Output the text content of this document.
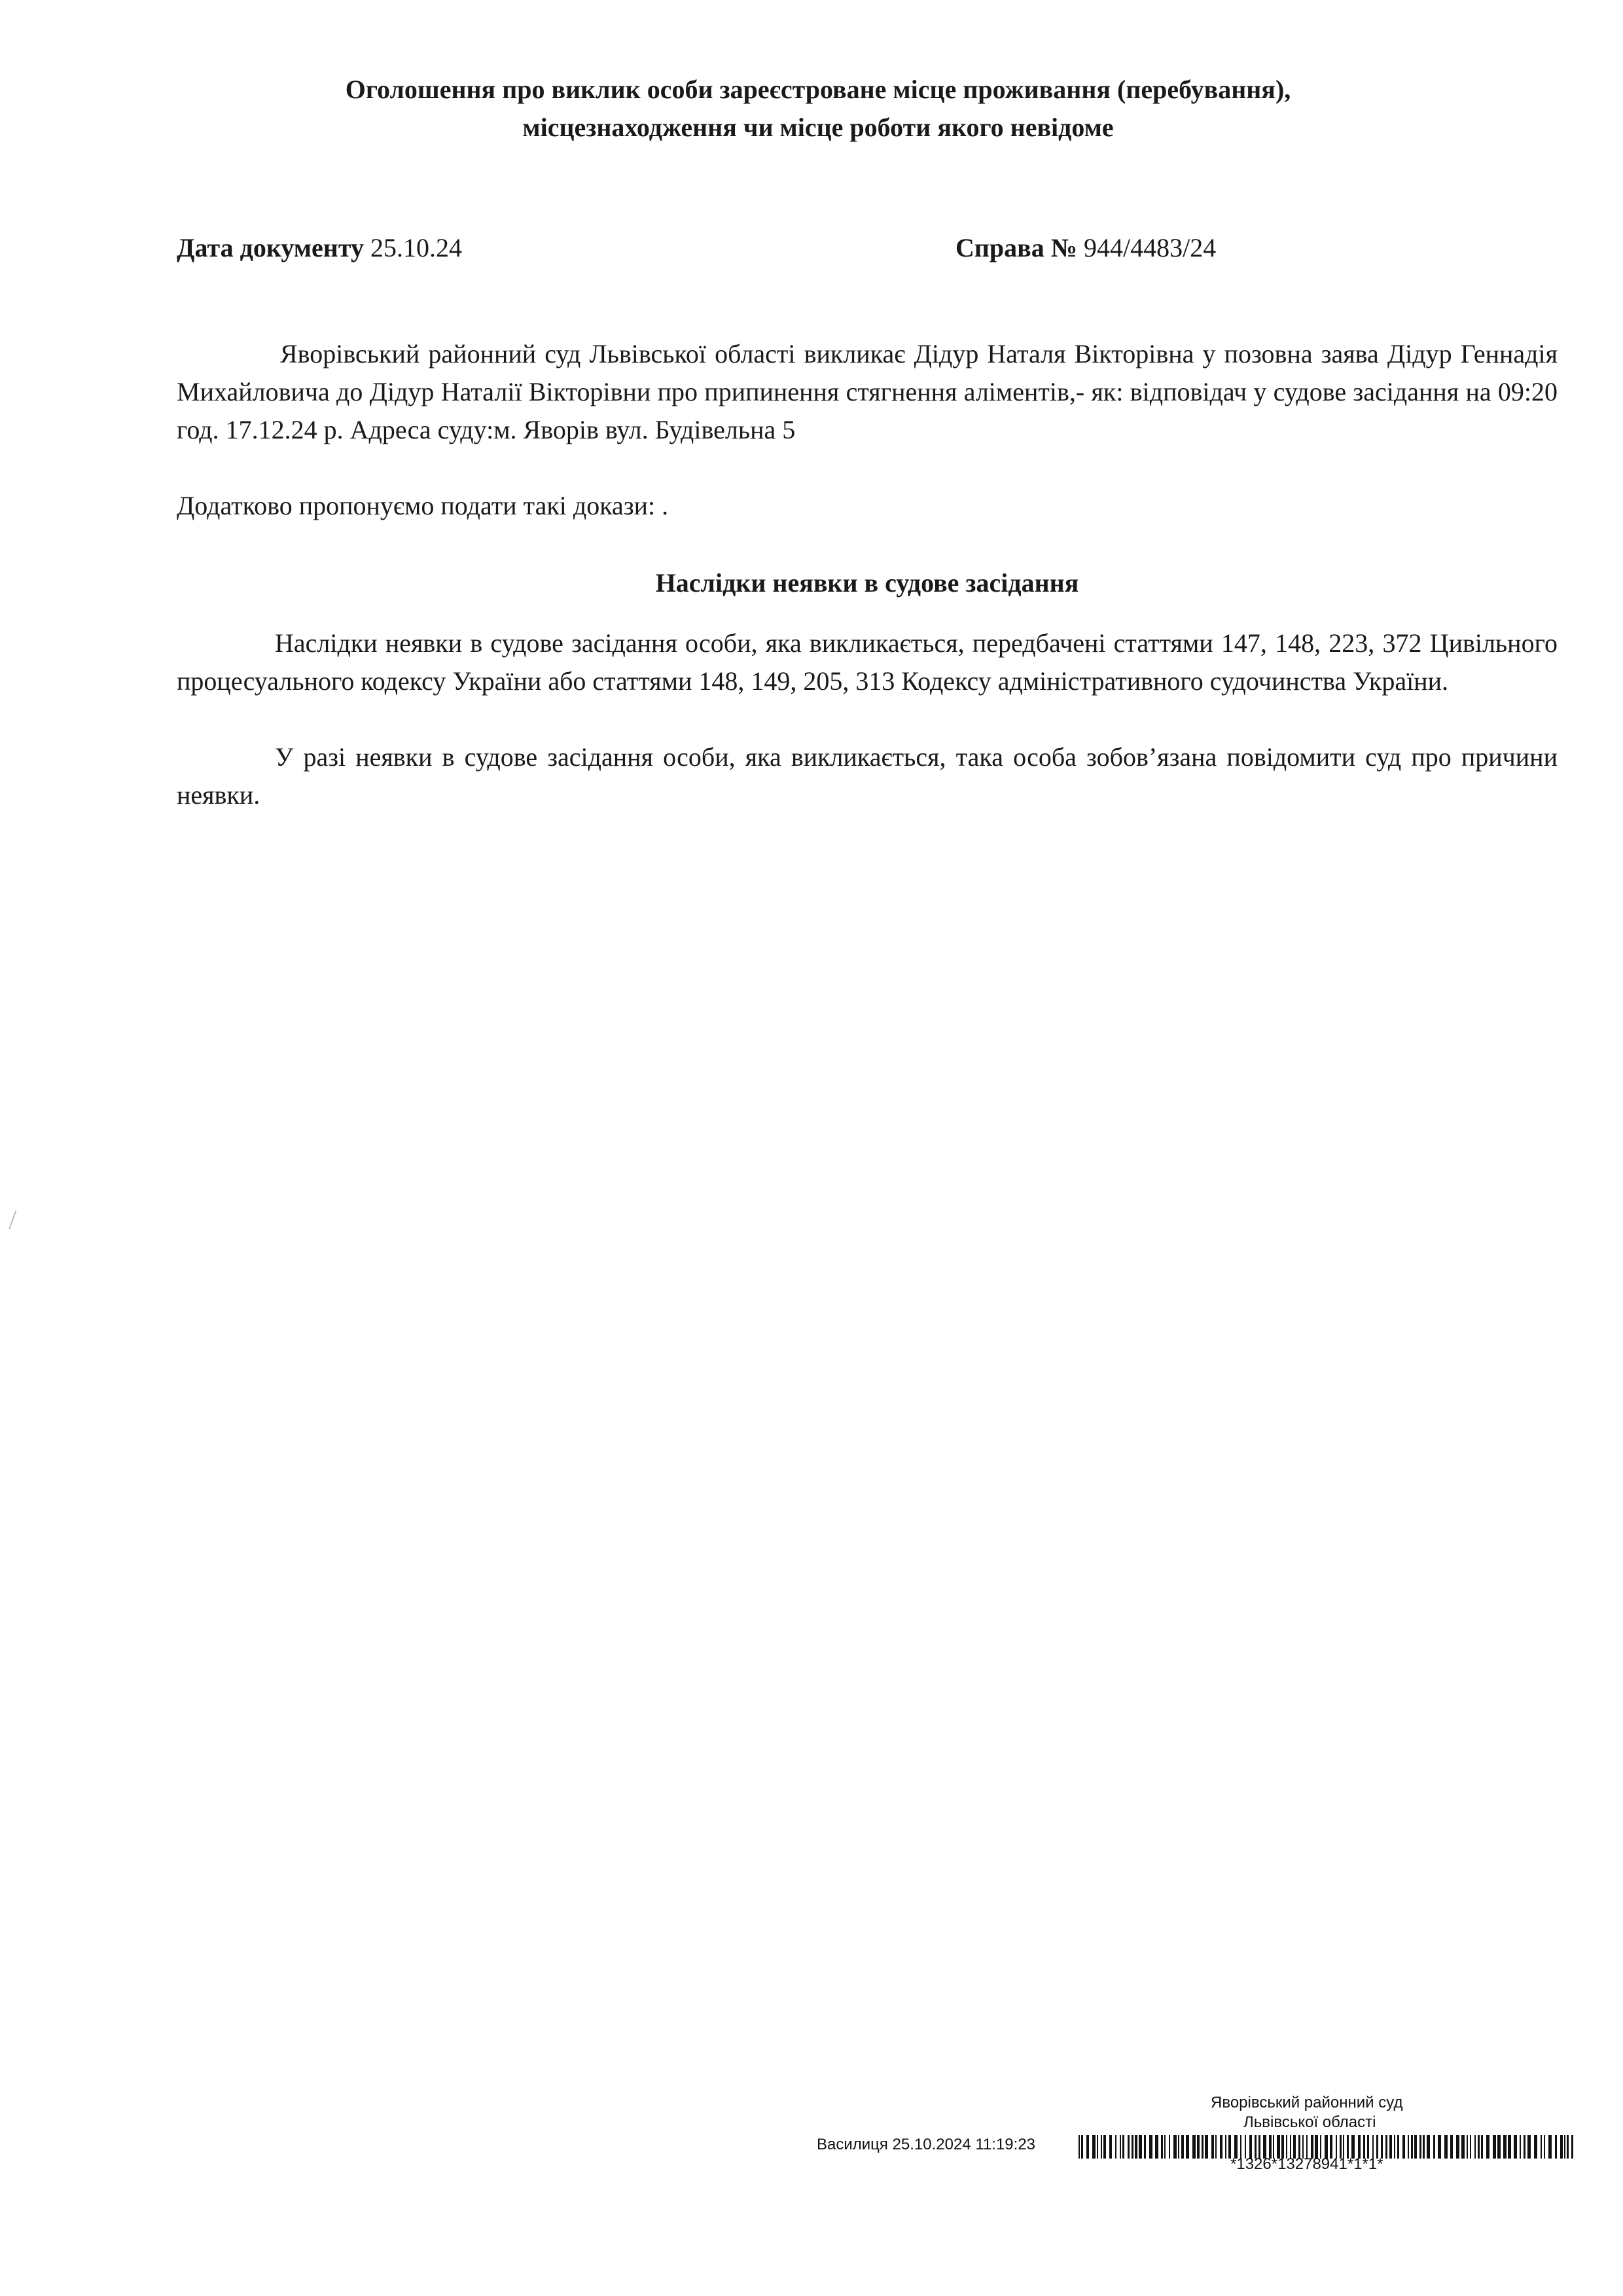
Оголошення про виклик особи зареєстроване місце проживання (перебування),
місцезнаходження чи місце роботи якого невідоме
Дата документу 25.10.24	Справа № 944/4483/24
Яворівський районний суд Львівської області викликає Дідур Наталя Вікторівна у позовна заява Дідур Геннадія Михайловича до Дідур Наталії Вікторівни про припинення стягнення аліментів,- як: відповідач у судове засідання на 09:20 год. 17.12.24 р. Адреса суду:м. Яворів вул. Будівельна 5
Додатково пропонуємо подати такі докази: .
Наслідки неявки в судове засідання
Наслідки неявки в судове засідання особи, яка викликається, передбачені статтями 147, 148, 223, 372 Цивільного процесуального кодексу України або статтями 148, 149, 205, 313 Кодексу адміністративного судочинства України.
У разі неявки в судове засідання особи, яка викликається, така особа зобов’язана повідомити суд про причини неявки.
Яворівський районний суд
Львівської області
Василиця 25.10.2024 11:19:23
*1326*13278941*1*1*
